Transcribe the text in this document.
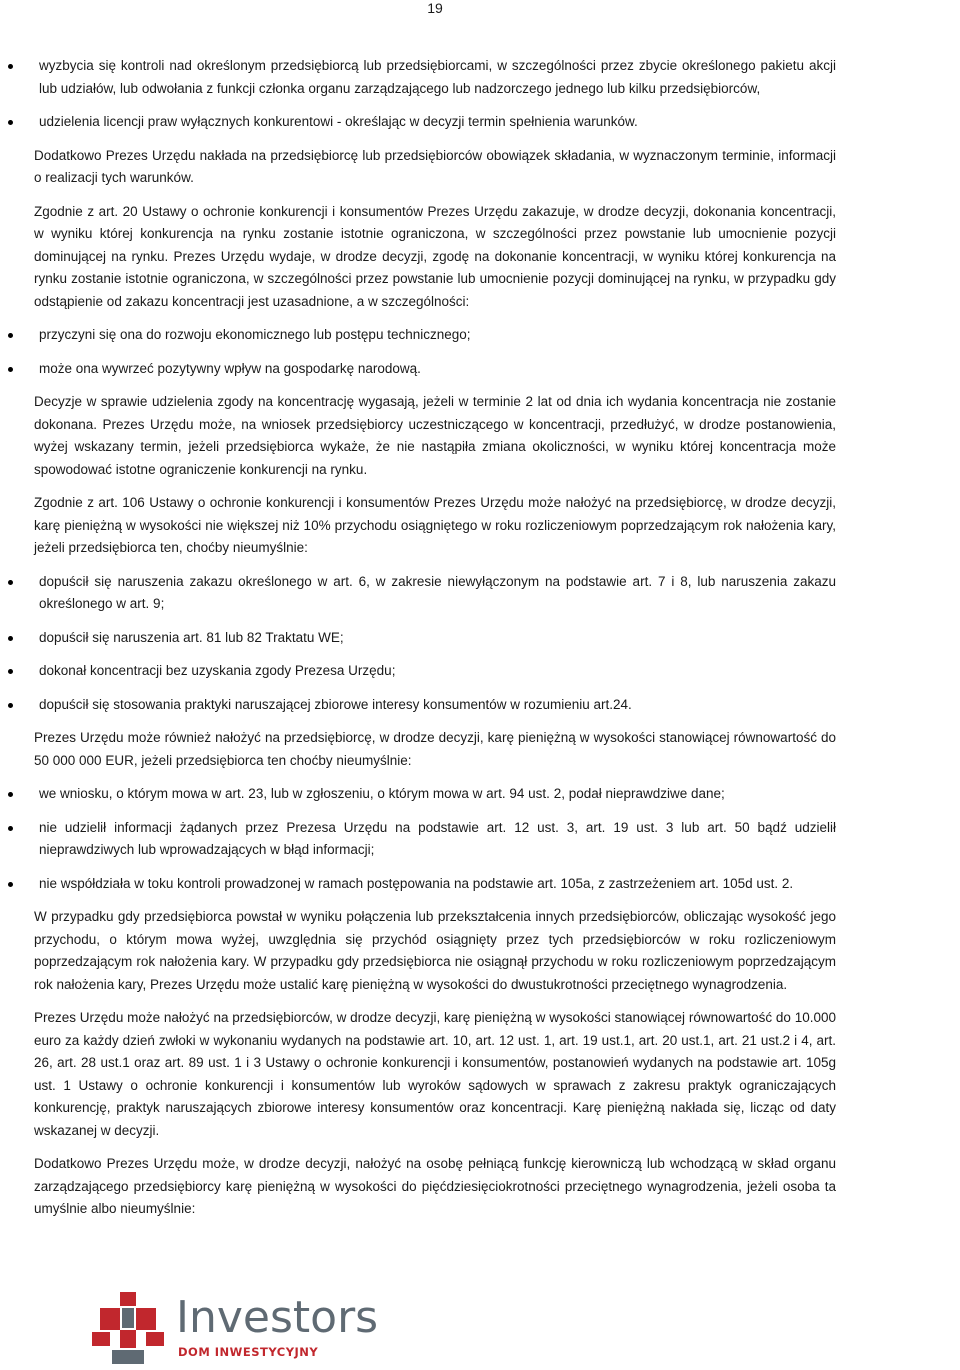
19
wyzbycia się kontroli nad określonym przedsiębiorcą lub przedsiębiorcami, w szczególności przez zbycie określonego pakietu akcji lub udziałów, lub odwołania z funkcji członka organu zarządzającego lub nadzorczego jednego lub kilku przedsiębiorców,
udzielenia licencji praw wyłącznych konkurentowi - określając w decyzji termin spełnienia warunków.

Dodatkowo Prezes Urzędu nakłada na przedsiębiorcę lub przedsiębiorców obowiązek składania, w wyznaczonym terminie, informacji o realizacji tych warunków.

Zgodnie z art. 20 Ustawy o ochronie konkurencji i konsumentów Prezes Urzędu zakazuje, w drodze decyzji, dokonania koncentracji, w wyniku której konkurencja na rynku zostanie istotnie ograniczona, w szczególności przez powstanie lub umocnienie pozycji dominującej na rynku. Prezes Urzędu wydaje, w drodze decyzji, zgodę na dokonanie koncentracji, w wyniku której konkurencja na rynku zostanie istotnie ograniczona, w szczególności przez powstanie lub umocnienie pozycji dominującej na rynku, w przypadku gdy odstąpienie od zakazu koncentracji jest uzasadnione, a w szczególności:

przyczyni się ona do rozwoju ekonomicznego lub postępu technicznego;
może ona wywrzeć pozytywny wpływ na gospodarkę narodową.

Decyzje w sprawie udzielenia zgody na koncentrację wygasają, jeżeli w terminie 2 lat od dnia ich wydania koncentracja nie zostanie dokonana. Prezes Urzędu może, na wniosek przedsiębiorcy uczestniczącego w koncentracji, przedłużyć, w drodze postanowienia, wyżej wskazany termin, jeżeli przedsiębiorca wykaże, że nie nastąpiła zmiana okoliczności, w wyniku której koncentracja może spowodować istotne ograniczenie konkurencji na rynku.

Zgodnie z art. 106 Ustawy o ochronie konkurencji i konsumentów Prezes Urzędu może nałożyć na przedsiębiorcę, w drodze decyzji, karę pieniężną w wysokości nie większej niż 10% przychodu osiągniętego w roku rozliczeniowym poprzedzającym rok nałożenia kary, jeżeli przedsiębiorca ten, choćby nieumyślnie:

dopuścił się naruszenia zakazu określonego w art. 6, w zakresie niewyłączonym na podstawie art. 7 i 8, lub naruszenia zakazu określonego w art. 9;
dopuścił się naruszenia art. 81 lub 82 Traktatu WE;
dokonał koncentracji bez uzyskania zgody Prezesa Urzędu;
dopuścił się stosowania praktyki naruszającej zbiorowe interesy konsumentów w rozumieniu art.24.

Prezes Urzędu może również nałożyć na przedsiębiorcę, w drodze decyzji, karę pieniężną w wysokości stanowiącej równowartość do 50 000 000 EUR, jeżeli przedsiębiorca ten choćby nieumyślnie:

we wniosku, o którym mowa w art. 23, lub w zgłoszeniu, o którym mowa w art. 94 ust. 2, podał nieprawdziwe dane;
nie udzielił informacji żądanych przez Prezesa Urzędu na podstawie art. 12 ust. 3, art. 19 ust. 3 lub art. 50 bądź udzielił nieprawdziwych lub wprowadzających w błąd informacji;
nie współdziała w toku kontroli prowadzonej w ramach postępowania na podstawie art. 105a, z zastrzeżeniem art. 105d ust. 2.

W przypadku gdy przedsiębiorca powstał w wyniku połączenia lub przekształcenia innych przedsiębiorców, obliczając wysokość jego przychodu, o którym mowa wyżej, uwzględnia się przychód osiągnięty przez tych przedsiębiorców w roku rozliczeniowym poprzedzającym rok nałożenia kary. W przypadku gdy przedsiębiorca nie osiągnął przychodu w roku rozliczeniowym poprzedzającym rok nałożenia kary, Prezes Urzędu może ustalić karę pieniężną w wysokości do dwustukrotności przeciętnego wynagrodzenia.

Prezes Urzędu może nałożyć na przedsiębiorców, w drodze decyzji, karę pieniężną w wysokości stanowiącej równowartość do 10.000 euro za każdy dzień zwłoki w wykonaniu wydanych na podstawie art. 10, art. 12 ust. 1, art. 19 ust.1, art. 20 ust.1, art. 21 ust.2 i 4, art. 26, art. 28 ust.1 oraz art. 89 ust. 1 i 3 Ustawy o ochronie konkurencji i konsumentów, postanowień wydanych na podstawie art. 105g ust. 1 Ustawy o ochronie konkurencji i konsumentów lub wyroków sądowych w sprawach z zakresu praktyk ograniczających konkurencję, praktyk naruszających zbiorowe interesy konsumentów oraz koncentracji. Karę pieniężną nakłada się, licząc od daty wskazanej w decyzji.

Dodatkowo Prezes Urzędu może, w drodze decyzji, nałożyć na osobę pełniącą funkcję kierowniczą lub wchodzącą w skład organu zarządzającego przedsiębiorcy karę pieniężną w wysokości do pięćdziesięciokrotności przeciętnego wynagrodzenia, jeżeli osoba ta umyślnie albo nieumyślnie:

Investors
DOM INWESTYCYJNY
